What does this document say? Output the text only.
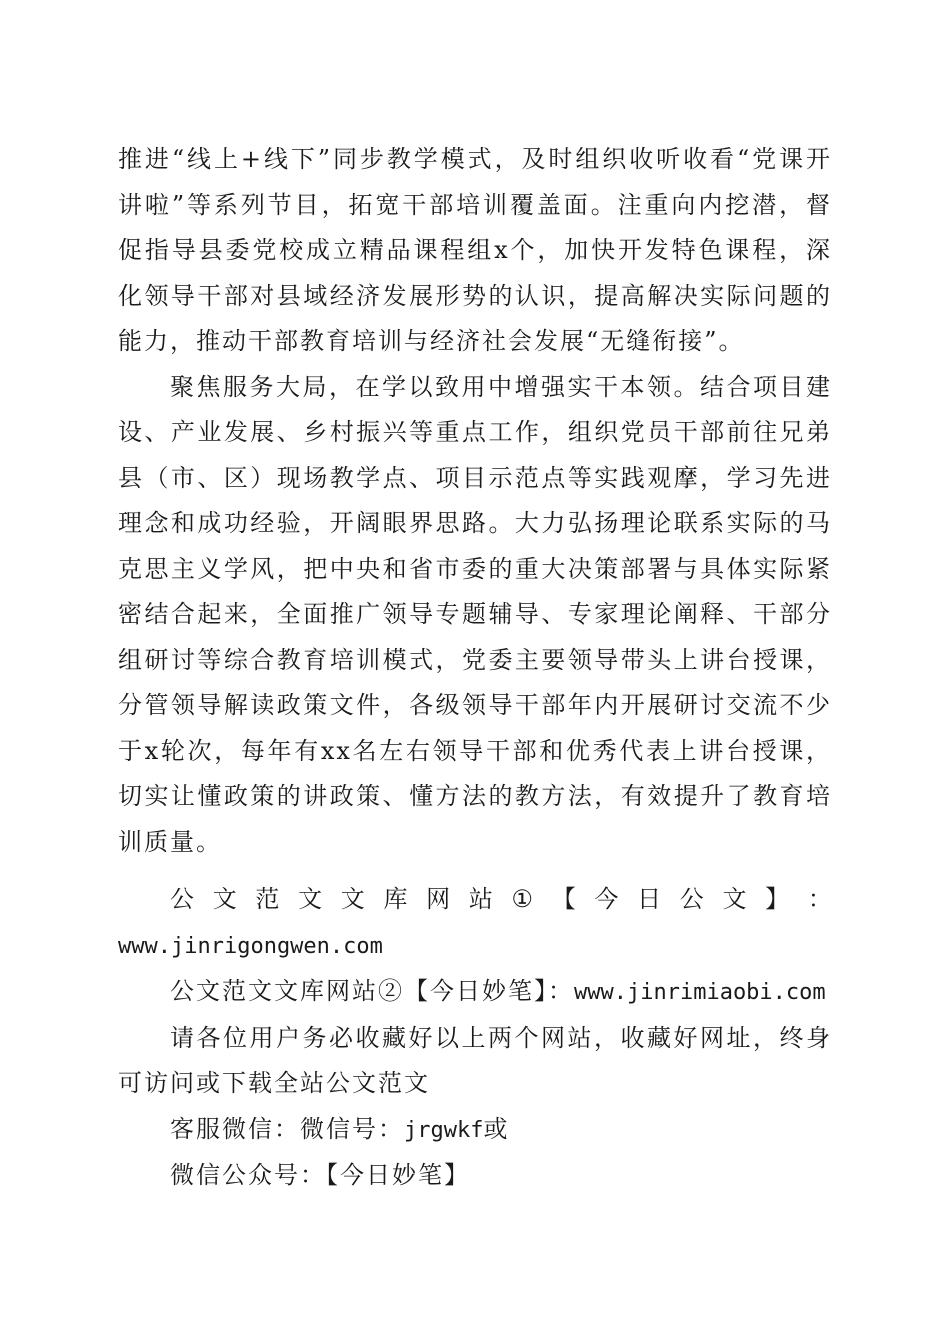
推进“线上+线下”同步教学模式，及时组织收听收看“党课开讲啦”等系列节目，拓宽干部培训覆盖面。注重向内挖潜，督促指导县委党校成立精品课程组x个，加快开发特色课程，深化领导干部对县域经济发展形势的认识，提高解决实际问题的能力，推动干部教育培训与经济社会发展“无缝衔接”。

聚焦服务大局，在学以致用中增强实干本领。结合项目建设、产业发展、乡村振兴等重点工作，组织党员干部前往兄弟县（市、区）现场教学点、项目示范点等实践观摩，学习先进理念和成功经验，开阔眼界思路。大力弘扬理论联系实际的马克思主义学风，把中央和省市委的重大决策部署与具体实际紧密结合起来，全面推广领导专题辅导、专家理论阐释、干部分组研讨等综合教育培训模式，党委主要领导带头上讲台授课，分管领导解读政策文件，各级领导干部年内开展研讨交流不少于x轮次，每年有xx名左右领导干部和优秀代表上讲台授课，切实让懂政策的讲政策、懂方法的教方法，有效提升了教育培训质量。

公 文 范 文 文 库 网 站 ① 【 今 日 公 文 】 ：
www.jinrigongwen.com
公文范文文库网站②【今日妙笔】：www.jinrimiaobi.com

请各位用户务必收藏好以上两个网站，收藏好网址，终身可访问或下载全站公文范文

客服微信：微信号：jrgwkf或
微信公众号：【今日妙笔】
